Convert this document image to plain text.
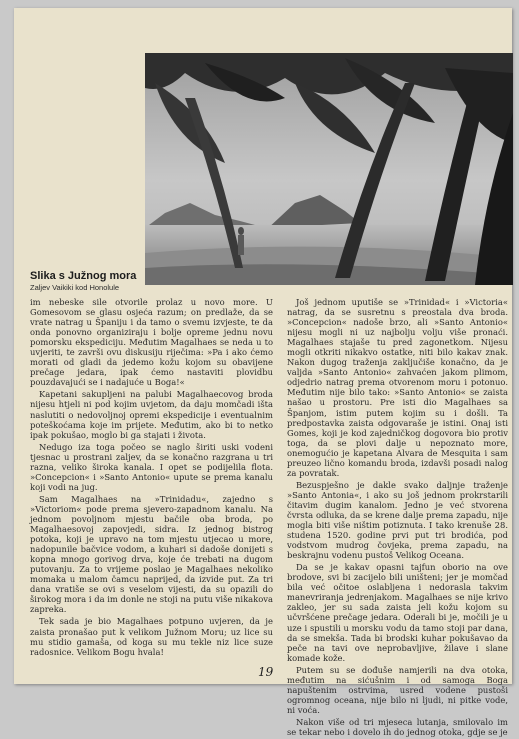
Slika s Južnog mora
Zaljev Vaikiki kod Honolule

im nebeske sile otvorile prolaz u novo more. U Gomesovom se glasu osjeća razum; on predlaže, da se vrate natrag u Španiju i da tamo o svemu izvjeste, te da onda ponovno organiziraju i bolje opreme jednu novu pomorsku ekspediciju. Međutim Magalhaes se neda u to uvjeriti, te završi ovu diskusiju riječima: »Pa i ako ćemo morati od gladi da jedemo kožu kojom su obavijene prečage jedara, ipak ćemo nastaviti plovidbu pouzdavajući se i nadajuće u Boga!«

Kapetani sakupljeni na palubi Magalhaecovog broda nijesu htjeli ni pod kojim uvjetom, da daju momčadi išta naslutiti o nedovoljnoj opremi ekspedicije i eventualnim poteškoćama koje im prijete. Međutim, ako bi to netko ipak pokušao, moglo bi ga stajati i života.

Nedugo iza toga počeo se naglo širiti uski vodeni tjesnac u prostrani zaljev, da se konačno razgrana u tri razna, veliko široka kanala. I opet se podijelila flota. »Concepcion« i »Santo Antonio« upute se prema kanalu koji vodi na jug.

Sam Magalhaes na »Trinidadu«, zajedno s »Victoriom« pode prema sjevero-zapadnom kanalu. Na jednom povoljnom mjestu bačile oba broda, po Magalhaesovoj zapovjedi, sidra. Iz jednog bistrog potoka, koji je upravo na tom mjestu utjecao u more, nadopunile bačvice vodom, a kuhari si dadoše donijeti s kopna mnogo gorivog drva, koje će trebati na dugom putovanju. Za to vrijeme poslao je Magalhaes nekoliko momaka u malom čamcu naprijed, da izvide put. Za tri dana vratiše se ovi s veselom vijesti, da su opazili do širokog mora i da im donle ne stoji na putu više nikakova zapreka.

Tek sada je bio Magalhaes potpuno uvjeren, da je zaista pronašao put k velikom Južnom Moru; uz lice su mu stidio gamaša, od koga su mu tekle niz lice suze radosnice. Velikom Bogu hvala!

Još jednom uputiše se »Trinidad« i »Victoria« natrag, da se susretnu s preostala dva broda. »Concepcion« nadoše brzo, ali »Santo Antonio« nijesu mogli ni uz najbolju volju više pronaći. Magalhaes stajaše tu pred zagonetkom. Nijesu mogli otkriti nikakvo ostatke, niti bilo kakav znak. Nakon dugog traženja zaključiše konačno, da je valjda »Santo Antonio« zahvaćen jakom plimom, odjedrio natrag prema otvorenom moru i potonuo. Međutim nije bilo tako: »Santo Antonio« se zaista našao u prostoru. Pre isti dio Magalhaes sa Španjom, istim putem kojim su i došli. Ta predpostavka zaista odgovaraše je istini. Onaj isti Gomes, koji je kod zajedničkog dogovora bio protiv toga, da se plovi dalje u nepoznato more, onemogućio je kapetana Alvara de Mesquita i sam preuzeo lično komandu broda, izdavši posadi nalog za povratak.

Bezuspješno je dakle svako daljnje traženje »Santo Antonia«, i ako su još jednom prokrstarili čitavim dugim kanalom. Jedno je već stvorena čvrsta odluka, da se krene dalje prema zapadu, nije mogla biti više ništim potiznuta. I tako krenuše 28. studena 1520. godine prvi put tri brodića, pod vodstvom mudrog čovjeka, prema zapadu, na beskrajnu vodenu pustoš Velikog Oceana.

Da se je kakav opasni tajfun oborio na ove brodove, svi bi zacijelo bili uništeni; jer je momčad bila već očitoe oslabljena i nedorasla takvim manevriranja jedrenjakom. Magalhaes se nije krivo zakleo, jer su sada zaista jeli kožu kojom su učvršćene prečage jedara. Oderali bi je, močili je u uze i spustili u morsku vodu da tamo stoji par dana, da se smekša. Tada bi brodski kuhar pokušavao da peče na tavi ove neprobavljive, žilave i slane komade kože.

Putem su se dođuše namjerili na dva otoka, međutim na sićušnim i od samoga Boga napuštenim ostrvima, usred vodene pustoši ogromnog oceana, nije bilo ni ljudi, ni pitke vode, ni voća.

Nakon više od tri mjeseca lutanja, smilovalo im se tekar nebo i dovelo ih do jednog otoka, gdje se je

19
